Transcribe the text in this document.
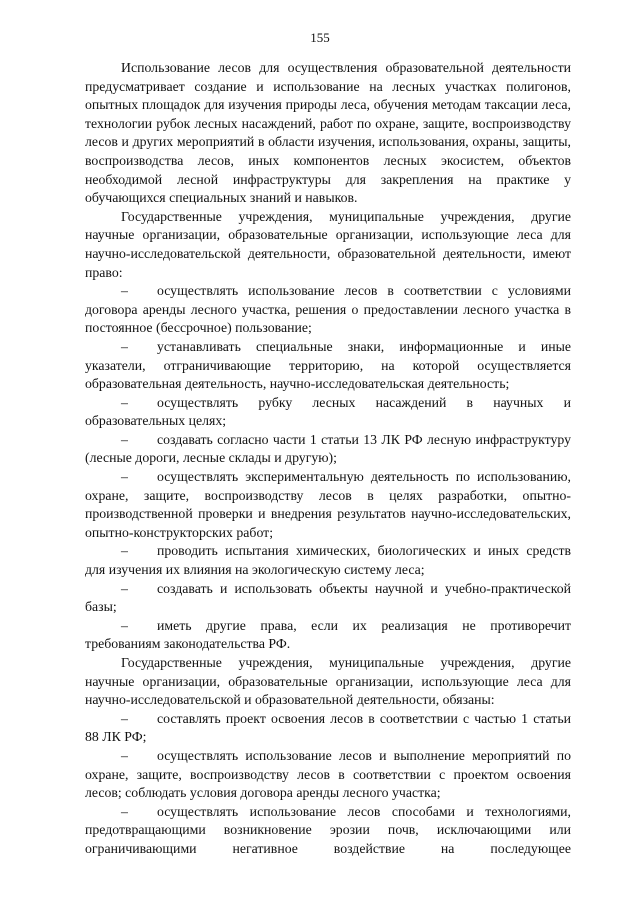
155

Использование лесов для осуществления образовательной деятельности предусматривает создание и использование на лесных участках полигонов, опытных площадок для изучения природы леса, обучения методам таксации леса, технологии рубок лесных насаждений, работ по охране, защите, воспроизводству лесов и других мероприятий в области изучения, использования, охраны, защиты, воспроизводства лесов, иных компонентов лесных экосистем, объектов необходимой лесной инфраструктуры для закрепления на практике у обучающихся специальных знаний и навыков.

Государственные учреждения, муниципальные учреждения, другие научные организации, образовательные организации, использующие леса для научно-исследовательской деятельности, образовательной деятельности, имеют право:

– осуществлять использование лесов в соответствии с условиями договора аренды лесного участка, решения о предоставлении лесного участка в постоянное (бессрочное) пользование;

– устанавливать специальные знаки, информационные и иные указатели, отграничивающие территорию, на которой осуществляется образовательная деятельность, научно-исследовательская деятельность;

– осуществлять рубку лесных насаждений в научных и образовательных целях;

– создавать согласно части 1 статьи 13 ЛК РФ лесную инфраструктуру (лесные дороги, лесные склады и другую);

– осуществлять экспериментальную деятельность по использованию, охране, защите, воспроизводству лесов в целях разработки, опытно-производственной проверки и внедрения результатов научно-исследовательских, опытно-конструкторских работ;

– проводить испытания химических, биологических и иных средств для изучения их влияния на экологическую систему леса;

– создавать и использовать объекты научной и учебно-практической базы;

– иметь другие права, если их реализация не противоречит требованиям законодательства РФ.

Государственные учреждения, муниципальные учреждения, другие научные организации, образовательные организации, использующие леса для научно-исследовательской и образовательной деятельности, обязаны:

– составлять проект освоения лесов в соответствии с частью 1 статьи 88 ЛК РФ;

– осуществлять использование лесов и выполнение мероприятий по охране, защите, воспроизводству лесов в соответствии с проектом освоения лесов; соблюдать условия договора аренды лесного участка;

– осуществлять использование лесов способами и технологиями, предотвращающими возникновение эрозии почв, исключающими или ограничивающими негативное воздействие на последующее
